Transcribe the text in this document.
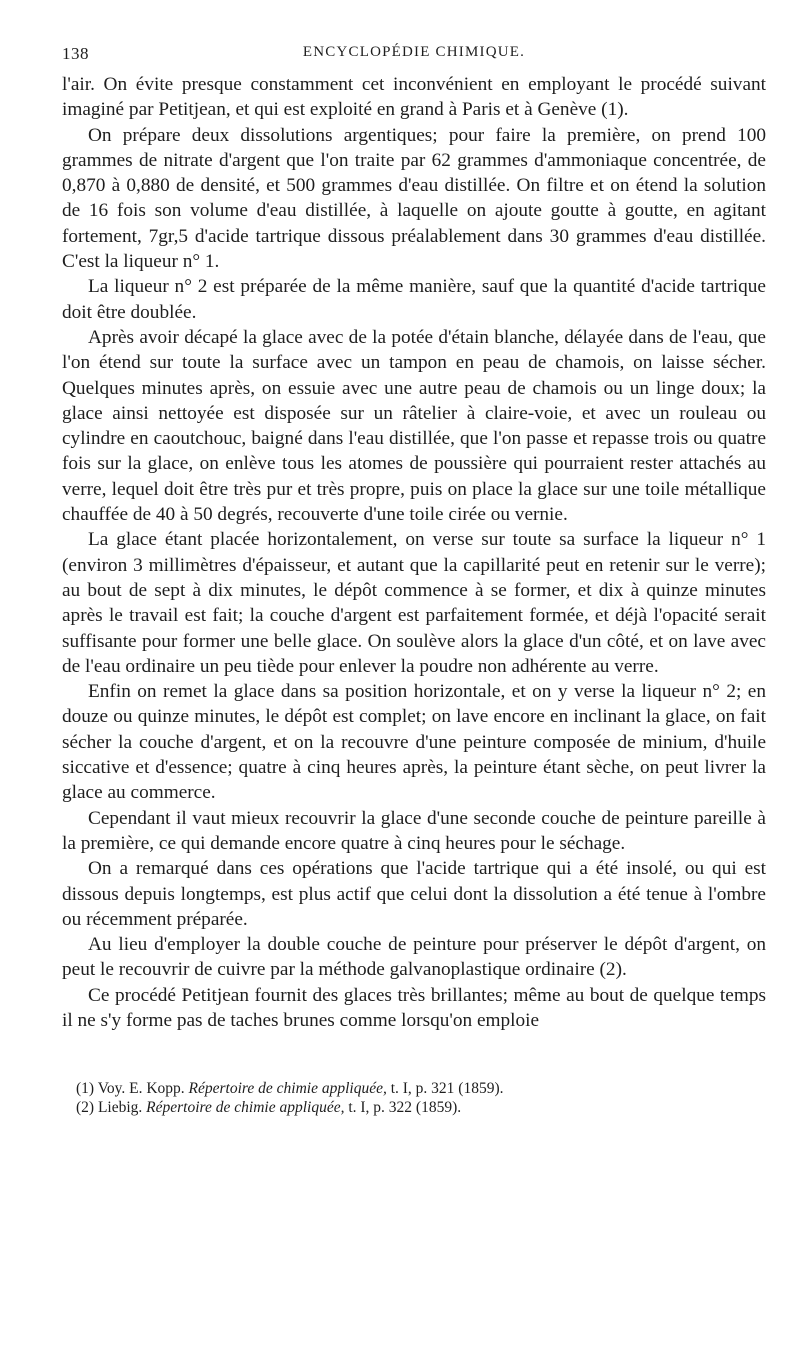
138	ENCYCLOPÉDIE CHIMIQUE.

l'air. On évite presque constamment cet inconvénient en employant le procédé suivant imaginé par Petitjean, et qui est exploité en grand à Paris et à Genève (1).

On prépare deux dissolutions argentiques; pour faire la première, on prend 100 grammes de nitrate d'argent que l'on traite par 62 grammes d'ammoniaque concentrée, de 0,870 à 0,880 de densité, et 500 grammes d'eau distillée. On filtre et on étend la solution de 16 fois son volume d'eau distillée, à laquelle on ajoute goutte à goutte, en agitant fortement, 7gr,5 d'acide tartrique dissous préalablement dans 30 grammes d'eau distillée. C'est la liqueur n° 1.

La liqueur n° 2 est préparée de la même manière, sauf que la quantité d'acide tartrique doit être doublée.

Après avoir décapé la glace avec de la potée d'étain blanche, délayée dans de l'eau, que l'on étend sur toute la surface avec un tampon en peau de chamois, on laisse sécher. Quelques minutes après, on essuie avec une autre peau de chamois ou un linge doux; la glace ainsi nettoyée est disposée sur un râtelier à claire-voie, et avec un rouleau ou cylindre en caoutchouc, baigné dans l'eau distillée, que l'on passe et repasse trois ou quatre fois sur la glace, on enlève tous les atomes de poussière qui pourraient rester attachés au verre, lequel doit être très pur et très propre, puis on place la glace sur une toile métallique chauffée de 40 à 50 degrés, recouverte d'une toile cirée ou vernie.

La glace étant placée horizontalement, on verse sur toute sa surface la liqueur n° 1 (environ 3 millimètres d'épaisseur, et autant que la capillarité peut en retenir sur le verre); au bout de sept à dix minutes, le dépôt commence à se former, et dix à quinze minutes après le travail est fait; la couche d'argent est parfaitement formée, et déjà l'opacité serait suffisante pour former une belle glace. On soulève alors la glace d'un côté, et on lave avec de l'eau ordinaire un peu tiède pour enlever la poudre non adhérente au verre.

Enfin on remet la glace dans sa position horizontale, et on y verse la liqueur n° 2; en douze ou quinze minutes, le dépôt est complet; on lave encore en inclinant la glace, on fait sécher la couche d'argent, et on la recouvre d'une peinture composée de minium, d'huile siccative et d'essence; quatre à cinq heures après, la peinture étant sèche, on peut livrer la glace au commerce.

Cependant il vaut mieux recouvrir la glace d'une seconde couche de peinture pareille à la première, ce qui demande encore quatre à cinq heures pour le séchage.

On a remarqué dans ces opérations que l'acide tartrique qui a été insolé, ou qui est dissous depuis longtemps, est plus actif que celui dont la dissolution a été tenue à l'ombre ou récemment préparée.

Au lieu d'employer la double couche de peinture pour préserver le dépôt d'argent, on peut le recouvrir de cuivre par la méthode galvanoplastique ordinaire (2).

Ce procédé Petitjean fournit des glaces très brillantes; même au bout de quelque temps il ne s'y forme pas de taches brunes comme lorsqu'on emploie

(1) Voy. E. Kopp. Répertoire de chimie appliquée, t. I, p. 321 (1859).
(2) Liebig. Répertoire de chimie appliquée, t. I, p. 322 (1859).
